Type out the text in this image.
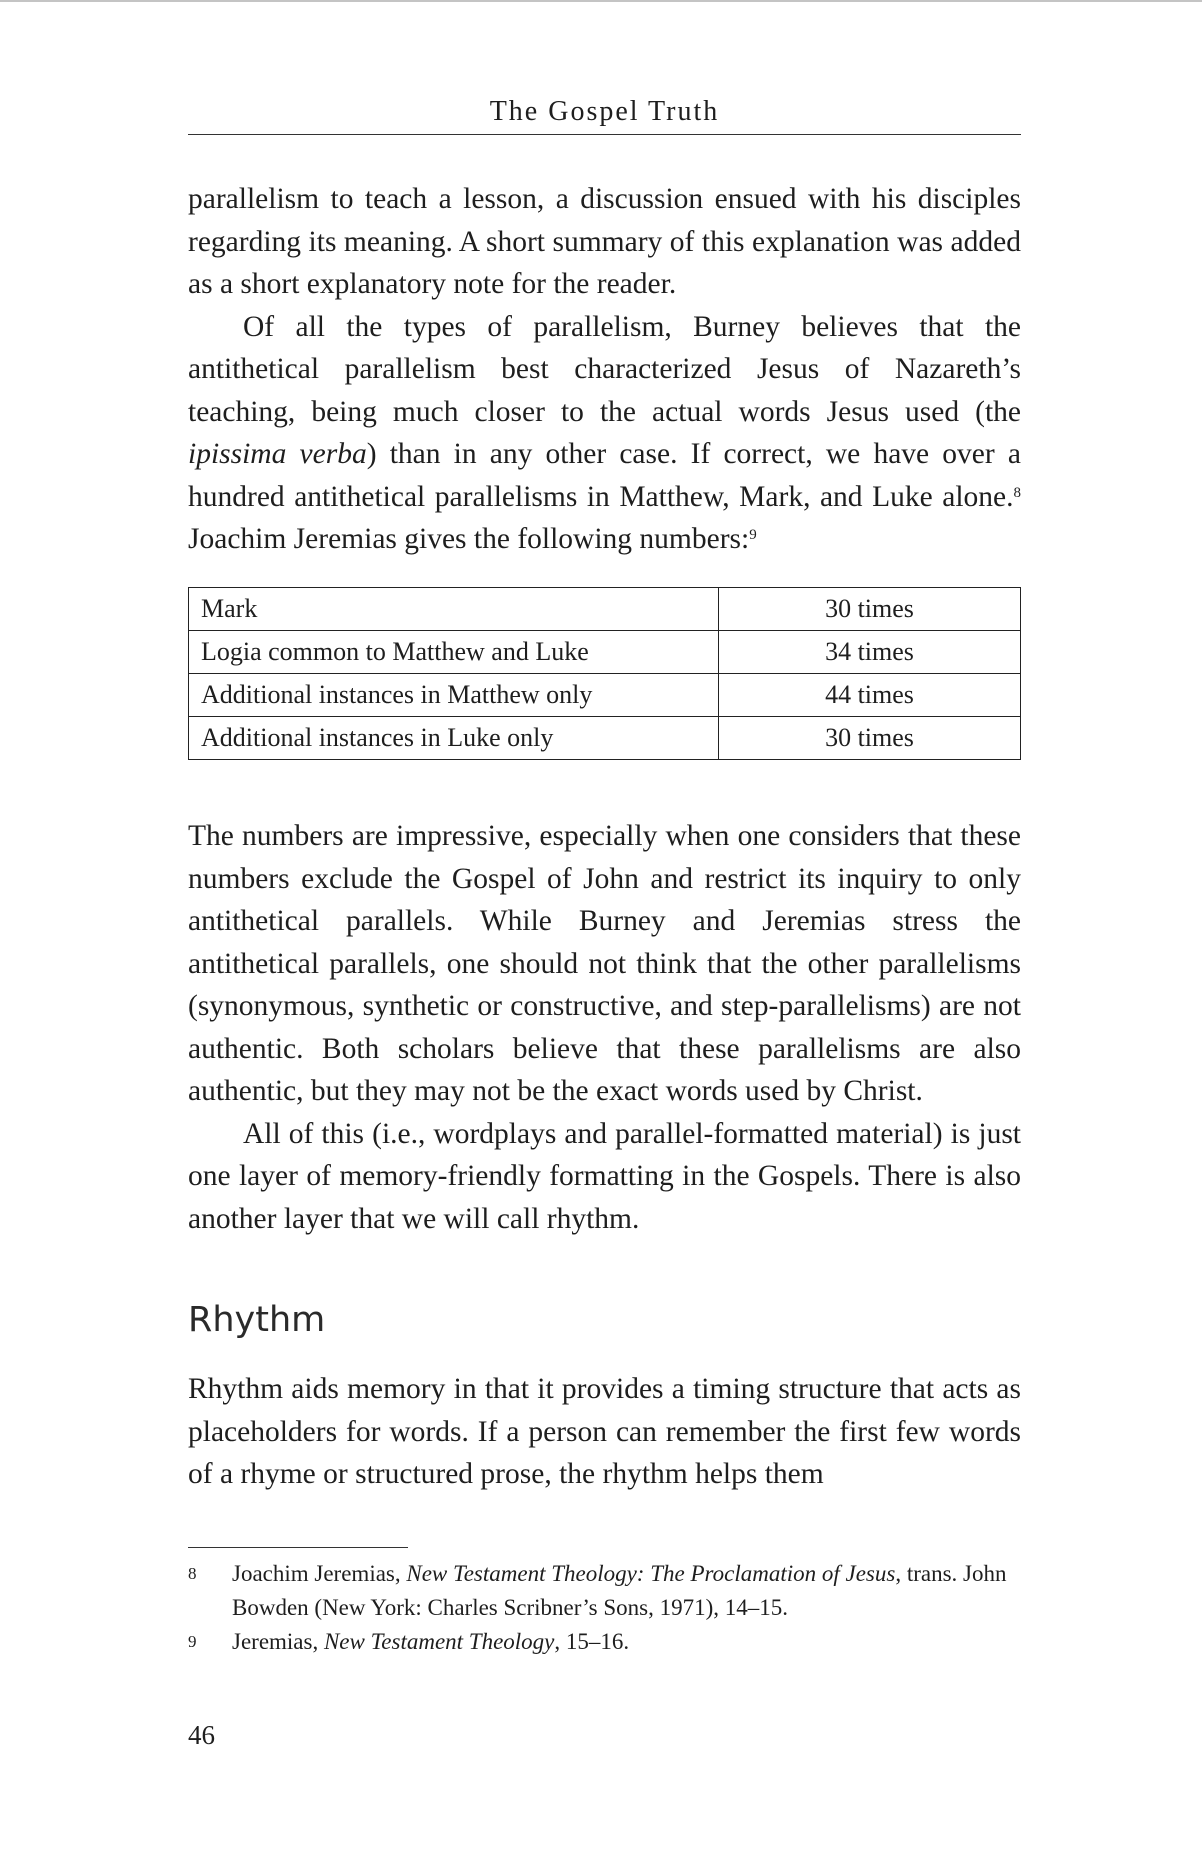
The Gospel Truth

parallelism to teach a lesson, a discussion ensued with his disciples regarding its meaning. A short summary of this explanation was added as a short explanatory note for the reader.

Of all the types of parallelism, Burney believes that the antithetical parallelism best characterized Jesus of Nazareth’s teaching, being much closer to the actual words Jesus used (the ipissima verba) than in any other case. If correct, we have over a hundred antithetical parallelisms in Matthew, Mark, and Luke alone.$^8$ Joachim Jeremias gives the following numbers:$^9$

Mark	30 times
Logia common to Matthew and Luke	34 times
Additional instances in Matthew only	44 times
Additional instances in Luke only	30 times

The numbers are impressive, especially when one considers that these numbers exclude the Gospel of John and restrict its inquiry to only antithetical parallels. While Burney and Jeremias stress the antithetical parallels, one should not think that the other parallelisms (synonymous, synthetic or constructive, and step-parallelisms) are not authentic. Both scholars believe that these parallelisms are also authentic, but they may not be the exact words used by Christ.

All of this (i.e., wordplays and parallel-formatted material) is just one layer of memory-friendly formatting in the Gospels. There is also another layer that we will call rhythm.

Rhythm

Rhythm aids memory in that it provides a timing structure that acts as placeholders for words. If a person can remember the first few words of a rhyme or structured prose, the rhythm helps them

8 Joachim Jeremias, New Testament Theology: The Proclamation of Jesus, trans. John Bowden (New York: Charles Scribner’s Sons, 1971), 14–15.
9 Jeremias, New Testament Theology, 15–16.
46
